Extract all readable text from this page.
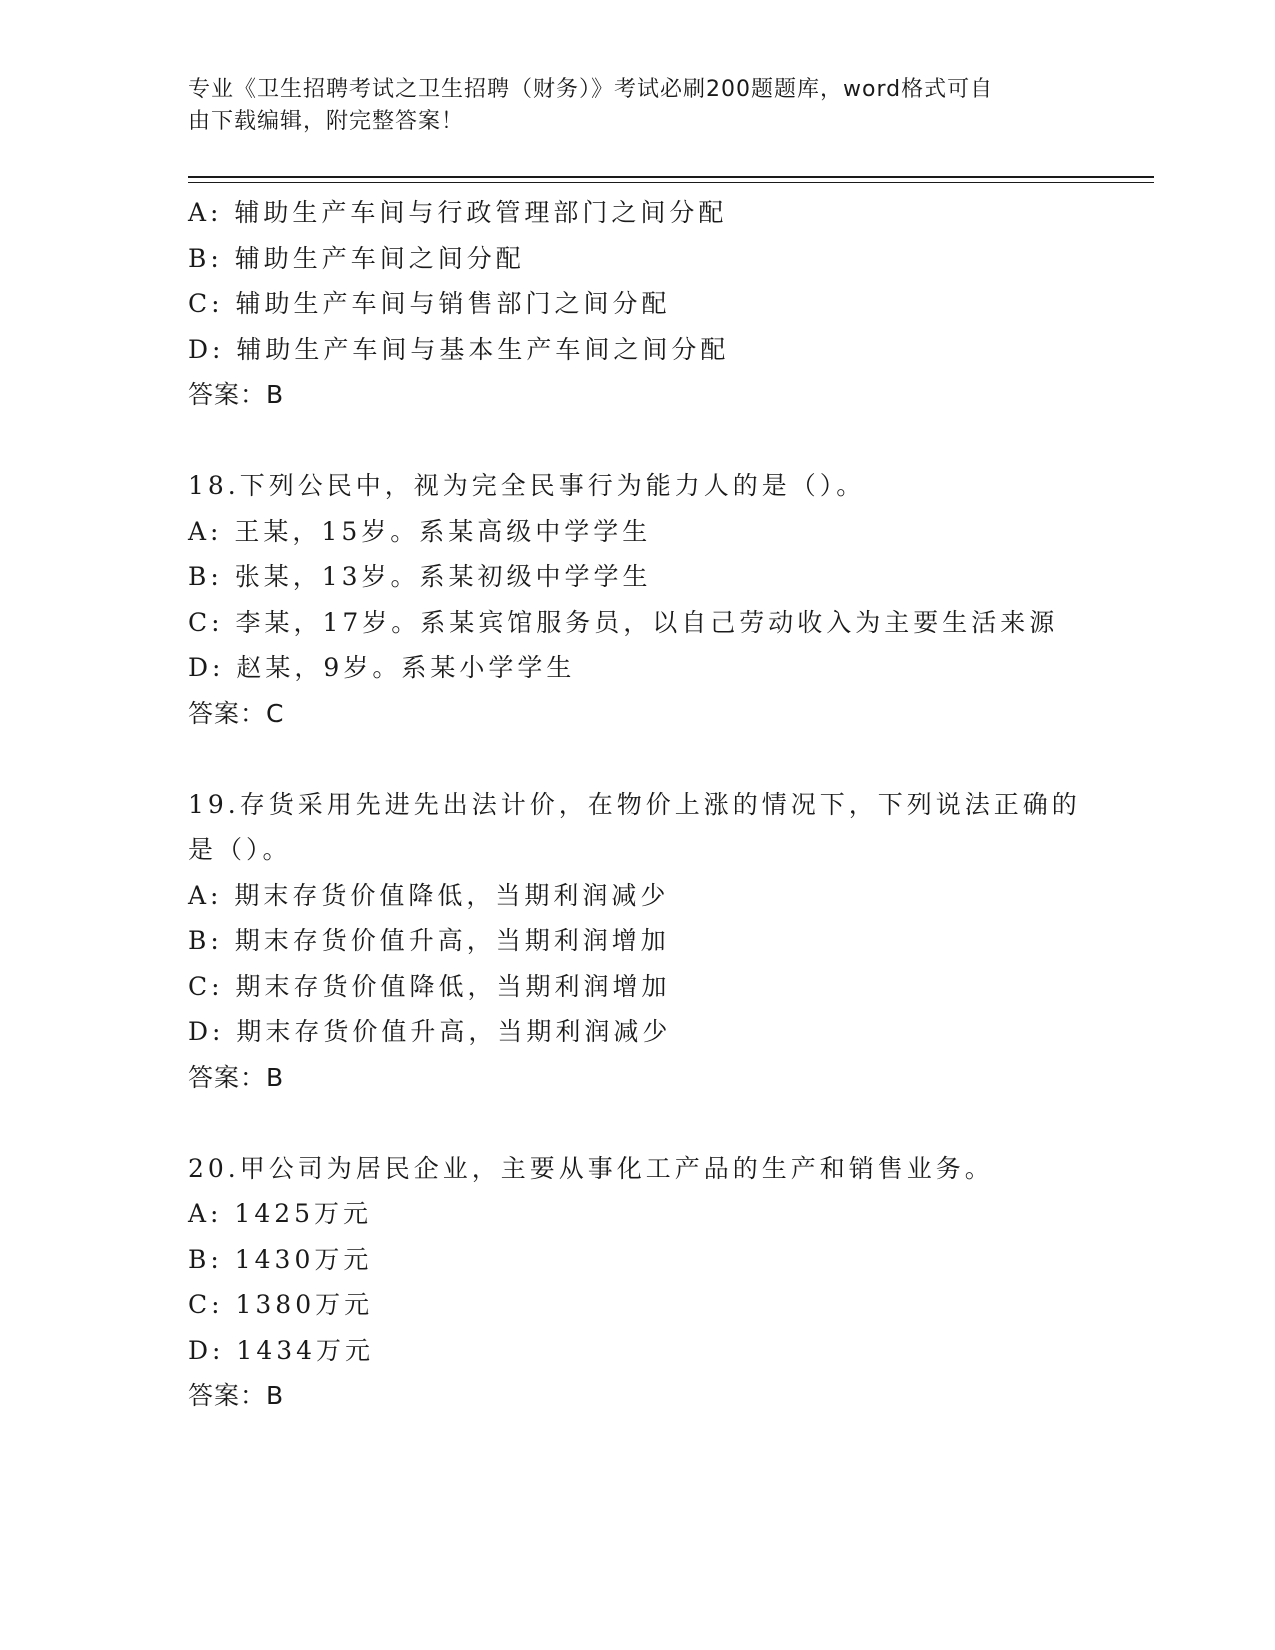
专业《卫生招聘考试之卫生招聘（财务）》考试必刷200题题库，word格式可自
由下载编辑，附完整答案！
A: 辅助生产车间与行政管理部门之间分配
B: 辅助生产车间之间分配
C: 辅助生产车间与销售部门之间分配
D: 辅助生产车间与基本生产车间之间分配
答案：B
18.下列公民中，视为完全民事行为能力人的是（）。
A: 王某，15岁。系某高级中学学生
B: 张某，13岁。系某初级中学学生
C: 李某，17岁。系某宾馆服务员，以自己劳动收入为主要生活来源
D: 赵某，9岁。系某小学学生
答案：C
19.存货采用先进先出法计价，在物价上涨的情况下，下列说法正确的
是（）。
A: 期末存货价值降低，当期利润减少
B: 期末存货价值升高，当期利润增加
C: 期末存货价值降低，当期利润增加
D: 期末存货价值升高，当期利润减少
答案：B
20.甲公司为居民企业，主要从事化工产品的生产和销售业务。
A: 1425万元
B: 1430万元
C: 1380万元
D: 1434万元
答案：B
